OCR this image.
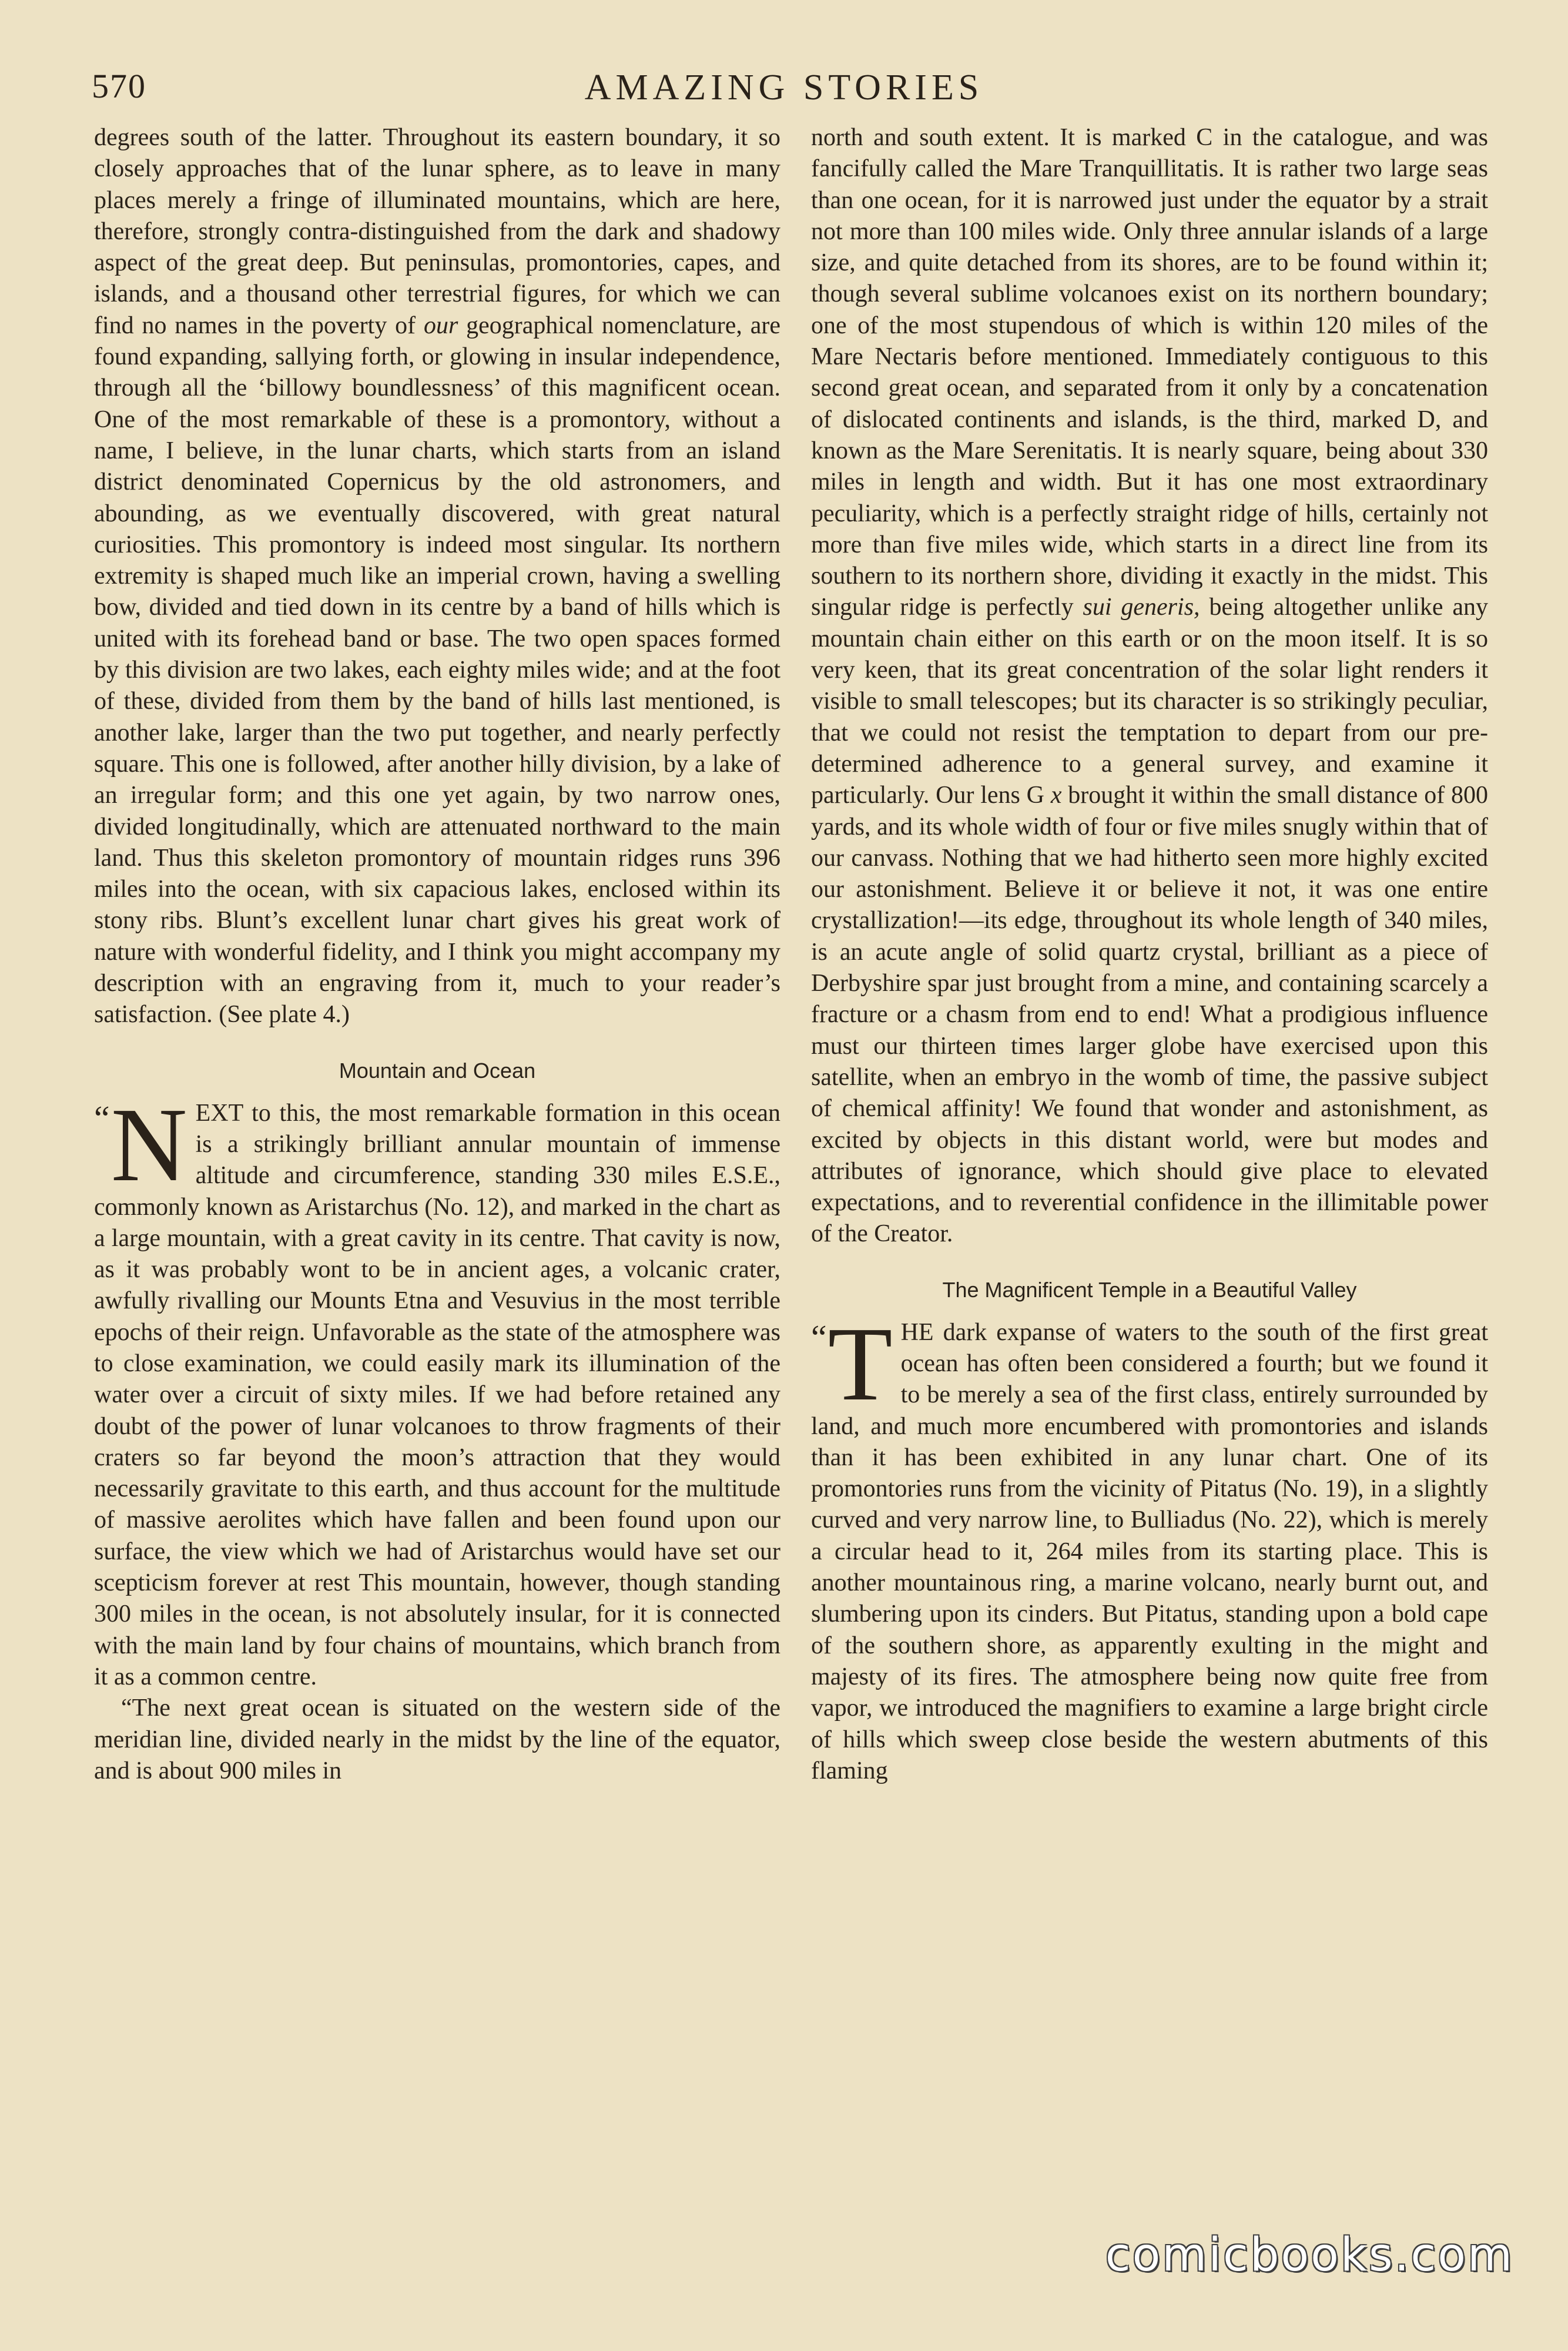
570	AMAZING STORIES

degrees south of the latter. Throughout its eastern boundary, it so closely approaches that of the lunar sphere, as to leave in many places merely a fringe of illuminated mountains, which are here, therefore, strongly contra-distinguished from the dark and shadowy aspect of the great deep. But peninsulas, promontories, capes, and islands, and a thousand other terrestrial figures, for which we can find no names in the poverty of our geographical nomenclature, are found expanding, sallying forth, or glowing in insular independence, through all the ‘billowy boundlessness’ of this magnificent ocean. One of the most remarkable of these is a promontory, without a name, I believe, in the lunar charts, which starts from an island district denominated Copernicus by the old astronomers, and abounding, as we eventually discovered, with great natural curiosities. This promontory is indeed most singular. Its northern extremity is shaped much like an imperial crown, having a swelling bow, divided and tied down in its centre by a band of hills which is united with its forehead band or base. The two open spaces formed by this division are two lakes, each eighty miles wide; and at the foot of these, divided from them by the band of hills last mentioned, is another lake, larger than the two put together, and nearly perfectly square. This one is followed, after another hilly division, by a lake of an irregular form; and this one yet again, by two narrow ones, divided longitudinally, which are attenuated northward to the main land. Thus this skeleton promontory of mountain ridges runs 396 miles into the ocean, with six capacious lakes, enclosed within its stony ribs. Blunt’s excellent lunar chart gives his great work of nature with wonderful fidelity, and I think you might accompany my description with an engraving from it, much to your reader’s satisfaction. (See plate 4.)

Mountain and Ocean

“ N EXT to this, the most remarkable formation in this ocean is a strikingly brilliant annular mountain of immense altitude and circumference, standing 330 miles E.S.E., commonly known as Aristarchus (No. 12), and marked in the chart as a large mountain, with a great cavity in its centre. That cavity is now, as it was probably wont to be in ancient ages, a volcanic crater, awfully rivalling our Mounts Etna and Vesuvius in the most terrible epochs of their reign. Unfavorable as the state of the atmosphere was to close examination, we could easily mark its illumination of the water over a circuit of sixty miles. If we had before retained any doubt of the power of lunar volcanoes to throw fragments of their craters so far beyond the moon’s attraction that they would necessarily gravitate to this earth, and thus account for the multitude of massive aerolites which have fallen and been found upon our surface, the view which we had of Aristarchus would have set our scepticism forever at rest This mountain, however, though standing 300 miles in the ocean, is not absolutely insular, for it is connected with the main land by four chains of mountains, which branch from it as a common centre.

“The next great ocean is situated on the western side of the meridian line, divided nearly in the midst by the line of the equator, and is about 900 miles in

north and south extent. It is marked C in the catalogue, and was fancifully called the Mare Tranquillitatis. It is rather two large seas than one ocean, for it is narrowed just under the equator by a strait not more than 100 miles wide. Only three annular islands of a large size, and quite detached from its shores, are to be found within it; though several sublime volcanoes exist on its northern boundary; one of the most stupendous of which is within 120 miles of the Mare Nectaris before mentioned. Immediately contiguous to this second great ocean, and separated from it only by a concatenation of dislocated continents and islands, is the third, marked D, and known as the Mare Serenitatis. It is nearly square, being about 330 miles in length and width. But it has one most extraordinary peculiarity, which is a perfectly straight ridge of hills, certainly not more than five miles wide, which starts in a direct line from its southern to its northern shore, dividing it exactly in the midst. This singular ridge is perfectly sui generis, being altogether unlike any mountain chain either on this earth or on the moon itself. It is so very keen, that its great concentration of the solar light renders it visible to small telescopes; but its character is so strikingly peculiar, that we could not resist the temptation to depart from our pre-determined adherence to a general survey, and examine it particularly. Our lens G x brought it within the small distance of 800 yards, and its whole width of four or five miles snugly within that of our canvass. Nothing that we had hitherto seen more highly excited our astonishment. Believe it or believe it not, it was one entire crystallization!—its edge, throughout its whole length of 340 miles, is an acute angle of solid quartz crystal, brilliant as a piece of Derbyshire spar just brought from a mine, and containing scarcely a fracture or a chasm from end to end! What a prodigious influence must our thirteen times larger globe have exercised upon this satellite, when an embryo in the womb of time, the passive subject of chemical affinity! We found that wonder and astonishment, as excited by objects in this distant world, were but modes and attributes of ignorance, which should give place to elevated expectations, and to reverential confidence in the illimitable power of the Creator.

The Magnificent Temple in a Beautiful Valley

“ T HE dark expanse of waters to the south of the first great ocean has often been considered a fourth; but we found it to be merely a sea of the first class, entirely surrounded by land, and much more encumbered with promontories and islands than it has been exhibited in any lunar chart. One of its promontories runs from the vicinity of Pitatus (No. 19), in a slightly curved and very narrow line, to Bulliadus (No. 22), which is merely a circular head to it, 264 miles from its starting place. This is another mountainous ring, a marine volcano, nearly burnt out, and slumbering upon its cinders. But Pitatus, standing upon a bold cape of the southern shore, as apparently exulting in the might and majesty of its fires. The atmosphere being now quite free from vapor, we introduced the magnifiers to examine a large bright circle of hills which sweep close beside the western abutments of this flaming

comicbooks.com
